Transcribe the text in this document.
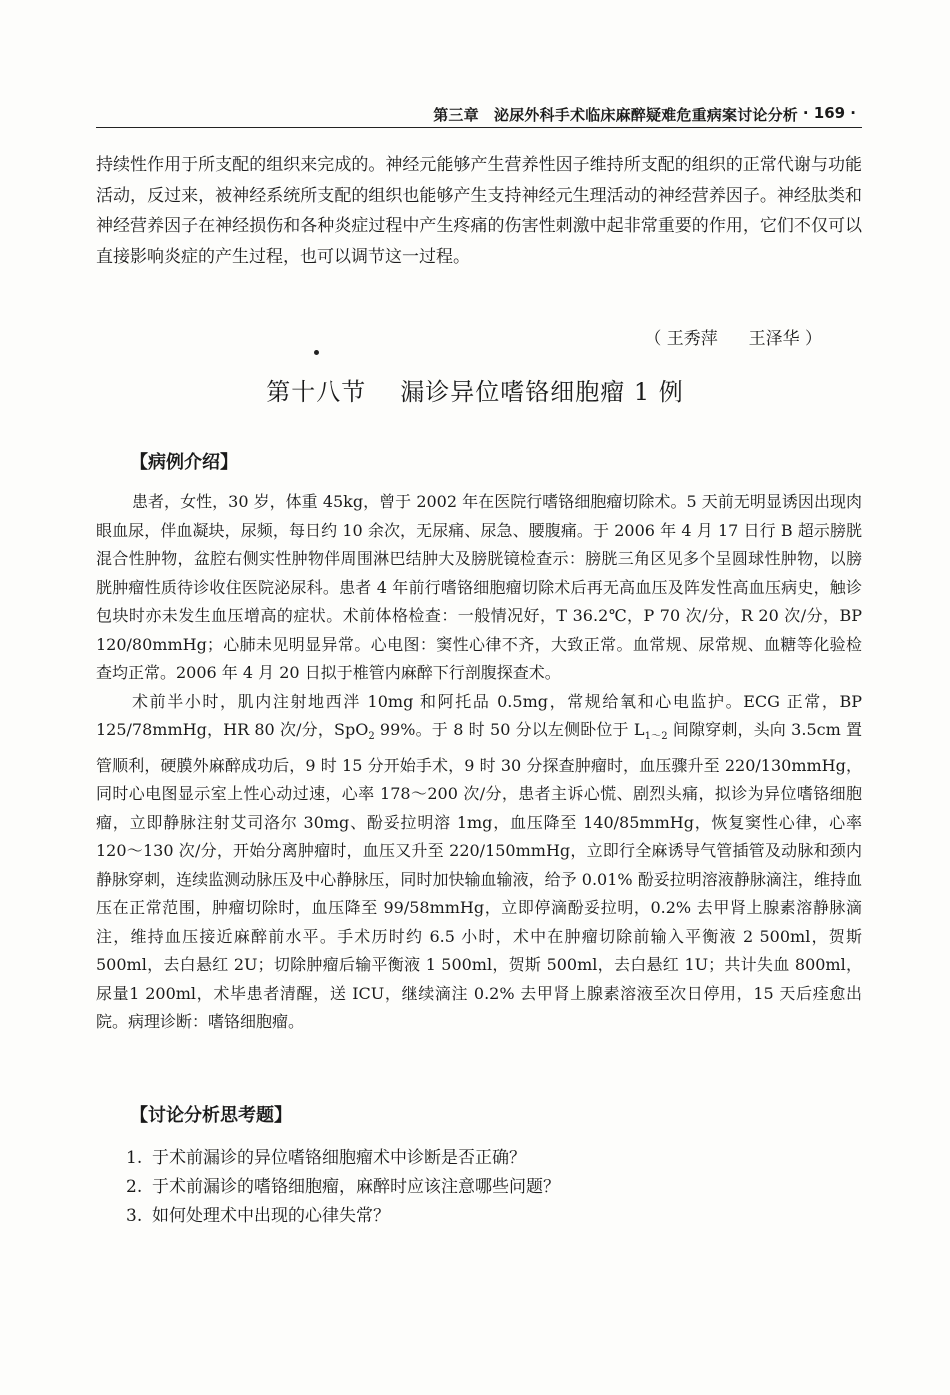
第三章　泌尿外科手术临床麻醉疑难危重病案讨论分析 · 169 ·

持续性作用于所支配的组织来完成的。神经元能够产生营养性因子维持所支配的组织的正常代谢与功能活动，反过来，被神经系统所支配的组织也能够产生支持神经元生理活动的神经营养因子。神经肽类和神经营养因子在神经损伤和各种炎症过程中产生疼痛的伤害性刺激中起非常重要的作用，它们不仅可以直接影响炎症的产生过程，也可以调节这一过程。

（ 王秀萍 王泽华 ）
第十八节 漏诊异位嗜铬细胞瘤 1 例
【病例介绍】

患者，女性，30 岁，体重 45kg，曾于 2002 年在医院行嗜铬细胞瘤切除术。5 天前无明显诱因出现肉眼血尿，伴血凝块，尿频，每日约 10 余次，无尿痛、尿急、腰腹痛。于 2006 年 4 月 17 日行 B 超示膀胱混合性肿物，盆腔右侧实性肿物伴周围淋巴结肿大及膀胱镜检查示：膀胱三角区见多个呈圆球性肿物，以膀胱肿瘤性质待诊收住医院泌尿科。患者 4 年前行嗜铬细胞瘤切除术后再无高血压及阵发性高血压病史，触诊包块时亦未发生血压增高的症状。术前体格检查：一般情况好，T 36.2℃，P 70 次/分，R 20 次/分，BP 120/80mmHg；心肺未见明显异常。心电图：窦性心律不齐，大致正常。血常规、尿常规、血糖等化验检查均正常。2006 年 4 月 20 日拟于椎管内麻醉下行剖腹探查术。

术前半小时，肌内注射地西泮 10mg 和阿托品 0.5mg，常规给氧和心电监护。ECG 正常，BP 125/78mmHg，HR 80 次/分，SpO$_2$ 99%。于 8 时 50 分以左侧卧位于 $L_{1\sim 2}$ 间隙穿刺，头向 3.5cm 置管顺利，硬膜外麻醉成功后，9 时 15 分开始手术，9 时 30 分探查肿瘤时，血压骤升至 220/130mmHg，同时心电图显示室上性心动过速，心率 178～200 次/分，患者主诉心慌、剧烈头痛，拟诊为异位嗜铬细胞瘤，立即静脉注射艾司洛尔 30mg、酚妥拉明溶 1mg，血压降至 140/85mmHg，恢复窦性心律，心率 120～130 次/分，开始分离肿瘤时，血压又升至 220/150mmHg，立即行全麻诱导气管插管及动脉和颈内静脉穿刺，连续监测动脉压及中心静脉压，同时加快输血输液，给予 0.01% 酚妥拉明溶液静脉滴注，维持血压在正常范围，肿瘤切除时，血压降至 99/58mmHg，立即停滴酚妥拉明，0.2% 去甲肾上腺素溶静脉滴注，维持血压接近麻醉前水平。手术历时约 6.5 小时，术中在肿瘤切除前输入平衡液 2 500ml，贺斯 500ml，去白悬红 2U；切除肿瘤后输平衡液 1 500ml，贺斯 500ml，去白悬红 1U；共计失血 800ml，尿量1 200ml，术毕患者清醒，送 ICU，继续滴注 0.2% 去甲肾上腺素溶液至次日停用，15 天后痊愈出院。病理诊断：嗜铬细胞瘤。

【讨论分析思考题】
1. 于术前漏诊的异位嗜铬细胞瘤术中诊断是否正确？
2. 于术前漏诊的嗜铬细胞瘤，麻醉时应该注意哪些问题？
3. 如何处理术中出现的心律失常？
